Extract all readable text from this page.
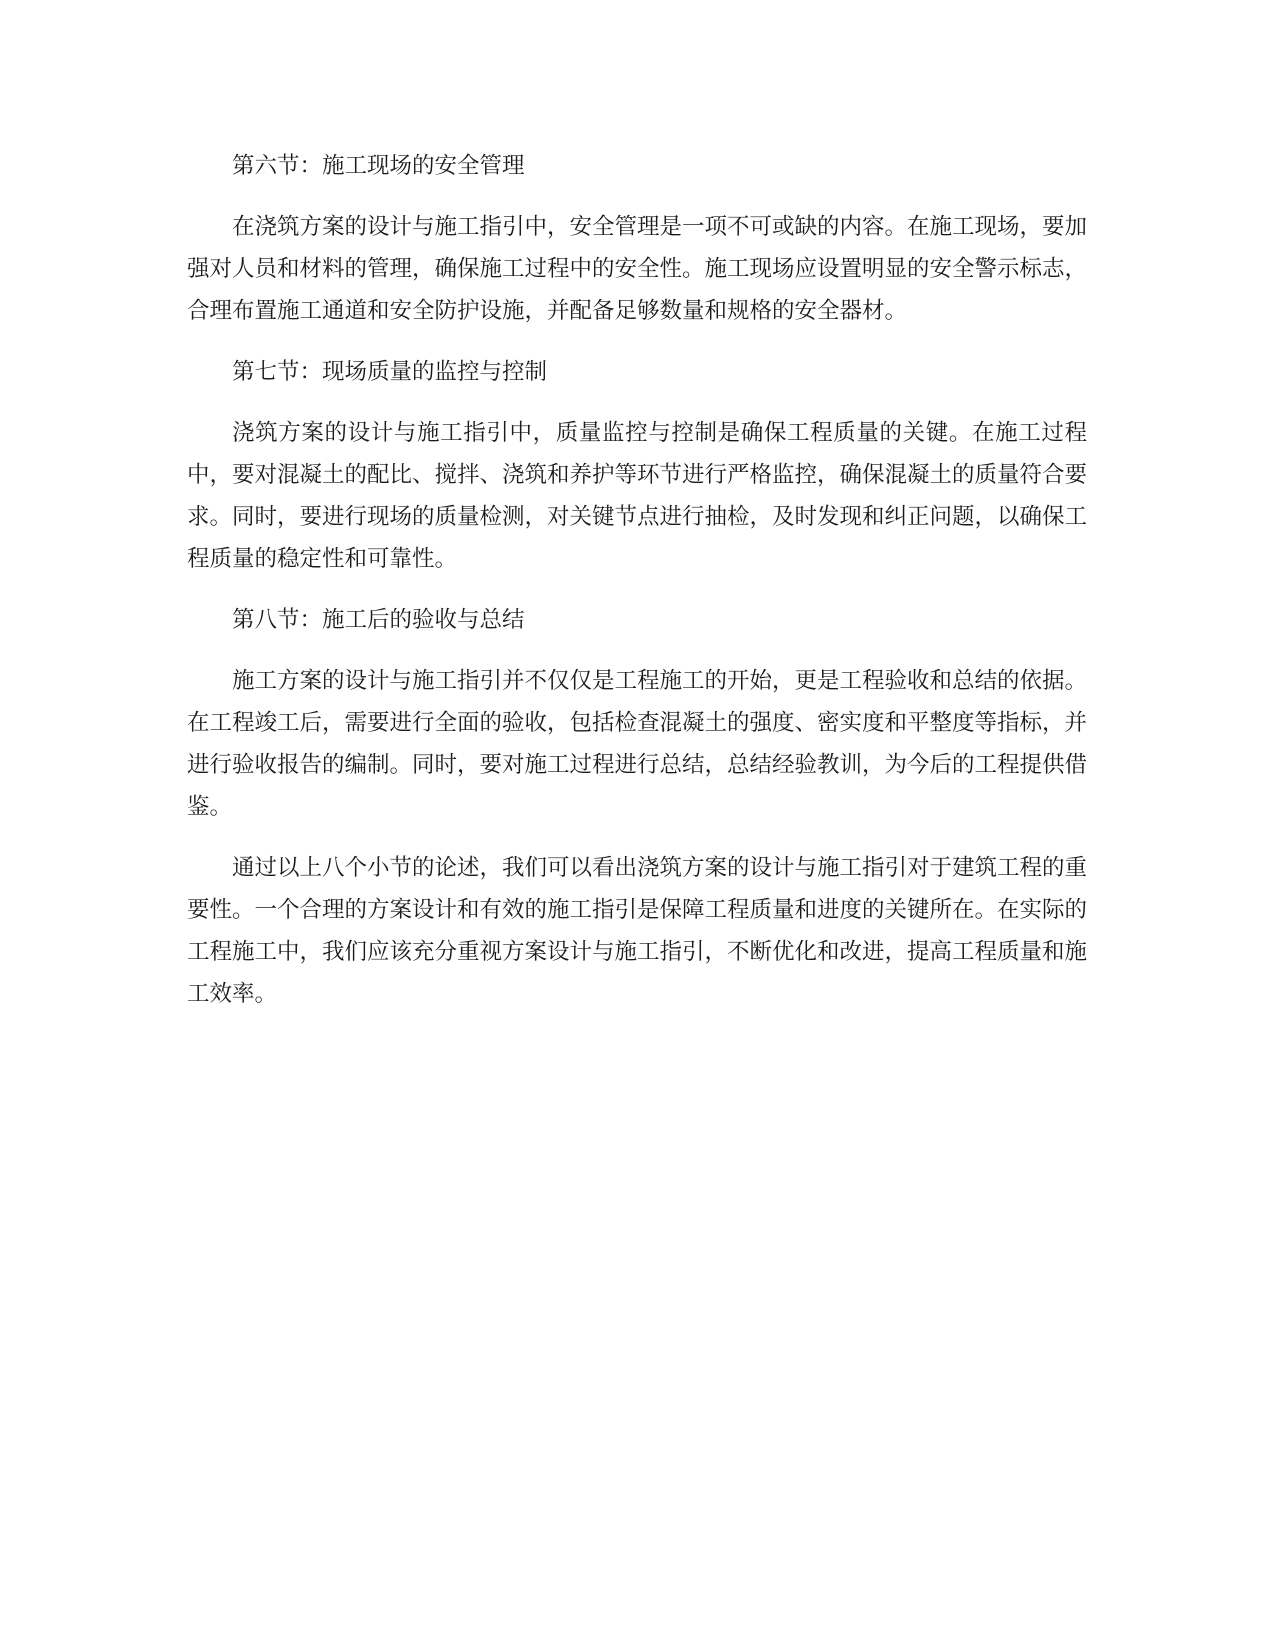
第六节：施工现场的安全管理

在浇筑方案的设计与施工指引中，安全管理是一项不可或缺的内容。在施工现场，要加强对人员和材料的管理，确保施工过程中的安全性。施工现场应设置明显的安全警示标志，合理布置施工通道和安全防护设施，并配备足够数量和规格的安全器材。

第七节：现场质量的监控与控制

浇筑方案的设计与施工指引中，质量监控与控制是确保工程质量的关键。在施工过程中，要对混凝土的配比、搅拌、浇筑和养护等环节进行严格监控，确保混凝土的质量符合要求。同时，要进行现场的质量检测，对关键节点进行抽检，及时发现和纠正问题，以确保工程质量的稳定性和可靠性。

第八节：施工后的验收与总结

施工方案的设计与施工指引并不仅仅是工程施工的开始，更是工程验收和总结的依据。在工程竣工后，需要进行全面的验收，包括检查混凝土的强度、密实度和平整度等指标，并进行验收报告的编制。同时，要对施工过程进行总结，总结经验教训，为今后的工程提供借鉴。

通过以上八个小节的论述，我们可以看出浇筑方案的设计与施工指引对于建筑工程的重要性。一个合理的方案设计和有效的施工指引是保障工程质量和进度的关键所在。在实际的工程施工中，我们应该充分重视方案设计与施工指引，不断优化和改进，提高工程质量和施工效率。
